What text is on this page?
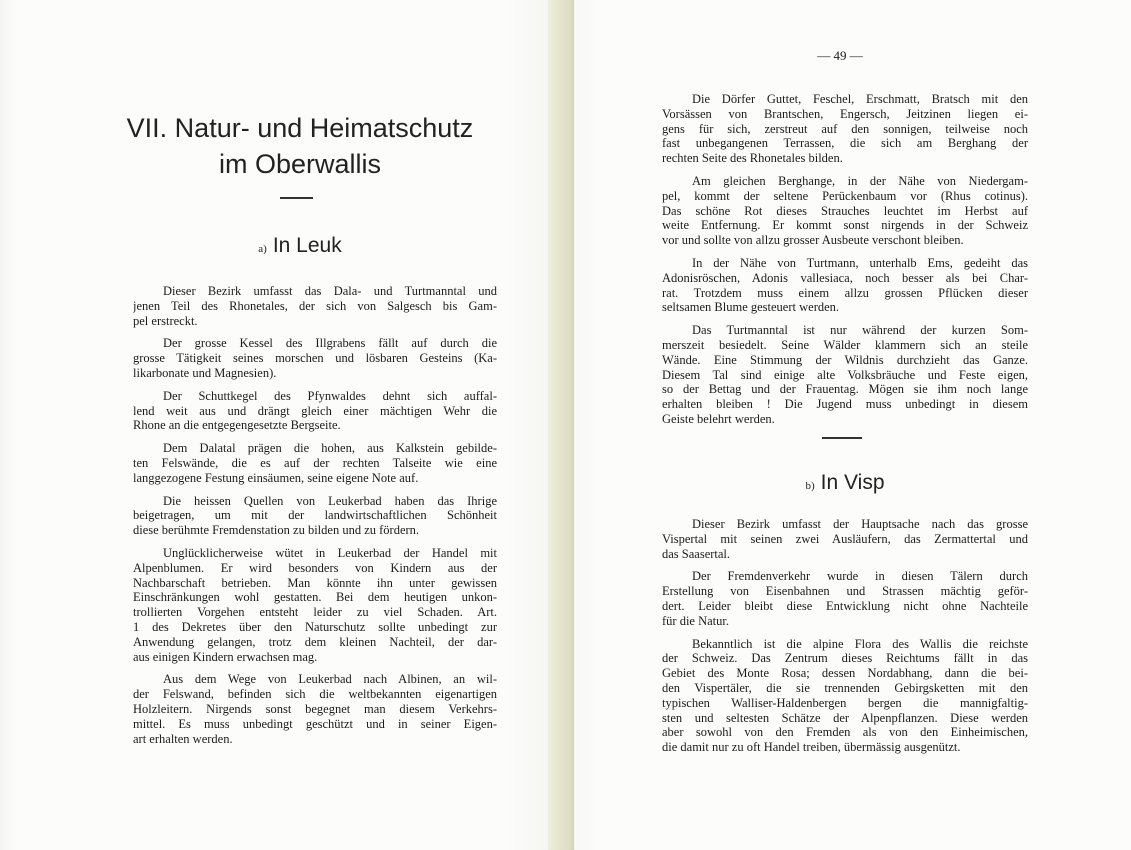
VII. Natur- und Heimatschutz
im Oberwallis
a) In Leuk
Dieser Bezirk umfasst das Dala- und Turtmanntal und
jenen Teil des Rhonetales, der sich von Salgesch bis Gam-
pel erstreckt.
Der grosse Kessel des Illgrabens fällt auf durch die
grosse Tätigkeit seines morschen und lösbaren Gesteins (Ka-
likarbonate und Magnesien).
Der Schuttkegel des Pfynwaldes dehnt sich auffal-
lend weit aus und drängt gleich einer mächtigen Wehr die
Rhone an die entgegengesetzte Bergseite.
Dem Dalatal prägen die hohen, aus Kalkstein gebilde-
ten Felswände, die es auf der rechten Talseite wie eine
langgezogene Festung einsäumen, seine eigene Note auf.
Die heissen Quellen von Leukerbad haben das Ihrige
beigetragen, um mit der landwirtschaftlichen Schönheit
diese berühmte Fremdenstation zu bilden und zu fördern.
Unglücklicherweise wütet in Leukerbad der Handel mit
Alpenblumen. Er wird besonders von Kindern aus der
Nachbarschaft betrieben. Man könnte ihn unter gewissen
Einschränkungen wohl gestatten. Bei dem heutigen unkon-
trollierten Vorgehen entsteht leider zu viel Schaden. Art.
1 des Dekretes über den Naturschutz sollte unbedingt zur
Anwendung gelangen, trotz dem kleinen Nachteil, der dar-
aus einigen Kindern erwachsen mag.
Aus dem Wege von Leukerbad nach Albinen, an wil-
der Felswand, befinden sich die weltbekannten eigenartigen
Holzleitern. Nirgends sonst begegnet man diesem Verkehrs-
mittel. Es muss unbedingt geschützt und in seiner Eigen-
art erhalten werden.
— 49 —
Die Dörfer Guttet, Feschel, Erschmatt, Bratsch mit den
Vorsässen von Brantschen, Engersch, Jeitzinen liegen ei-
gens für sich, zerstreut auf den sonnigen, teilweise noch
fast unbegangenen Terrassen, die sich am Berghang der
rechten Seite des Rhonetales bilden.
Am gleichen Berghange, in der Nähe von Niedergam-
pel, kommt der seltene Perückenbaum vor (Rhus cotinus).
Das schöne Rot dieses Strauches leuchtet im Herbst auf
weite Entfernung. Er kommt sonst nirgends in der Schweiz
vor und sollte von allzu grosser Ausbeute verschont bleiben.
In der Nähe von Turtmann, unterhalb Ems, gedeiht das
Adonisröschen, Adonis vallesiaca, noch besser als bei Char-
rat. Trotzdem muss einem allzu grossen Pflücken dieser
seltsamen Blume gesteuert werden.
Das Turtmanntal ist nur während der kurzen Som-
merszeit besiedelt. Seine Wälder klammern sich an steile
Wände. Eine Stimmung der Wildnis durchzieht das Ganze.
Diesem Tal sind einige alte Volksbräuche und Feste eigen,
so der Bettag und der Frauentag. Mögen sie ihm noch lange
erhalten bleiben ! Die Jugend muss unbedingt in diesem
Geiste belehrt werden.
b) In Visp
Dieser Bezirk umfasst der Hauptsache nach das grosse
Vispertal mit seinen zwei Ausläufern, das Zermattertal und
das Saasertal.
Der Fremdenverkehr wurde in diesen Tälern durch
Erstellung von Eisenbahnen und Strassen mächtig geför-
dert. Leider bleibt diese Entwicklung nicht ohne Nachteile
für die Natur.
Bekanntlich ist die alpine Flora des Wallis die reichste
der Schweiz. Das Zentrum dieses Reichtums fällt in das
Gebiet des Monte Rosa; dessen Nordabhang, dann die bei-
den Vispertäler, die sie trennenden Gebirgsketten mit den
typischen Walliser-Haldenbergen bergen die mannigfaltig-
sten und seltesten Schätze der Alpenpflanzen. Diese werden
aber sowohl von den Fremden als von den Einheimischen,
die damit nur zu oft Handel treiben, übermässig ausgenützt.
